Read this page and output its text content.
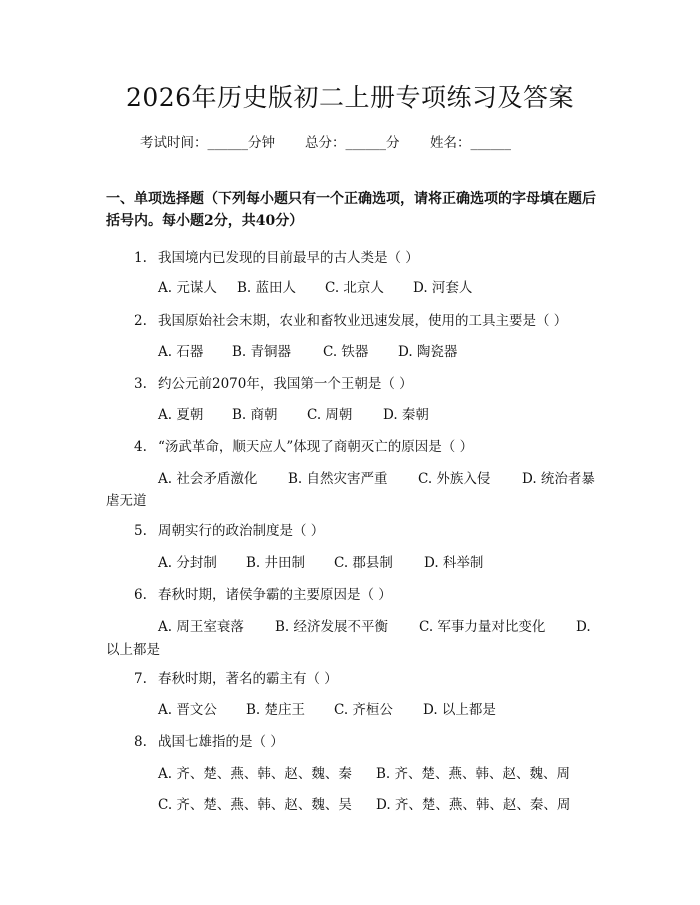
2026年历史版初二上册专项练习及答案
考试时间：______分钟	总分：______分	姓名：______
一、单项选择题（下列每小题只有一个正确选项，请将正确选项的字母填在题后括号内。每小题2分，共40分）
1. 我国境内已发现的目前最早的古人类是（ ）
A. 元谋人 B. 蓝田人 C. 北京人 D. 河套人
2. 我国原始社会末期，农业和畜牧业迅速发展，使用的工具主要是（ ）
A. 石器 B. 青铜器 C. 铁器 D. 陶瓷器
3. 约公元前2070年，我国第一个王朝是（ ）
A. 夏朝 B. 商朝 C. 周朝 D. 秦朝
4. “汤武革命，顺天应人”体现了商朝灭亡的原因是（ ）
A. 社会矛盾激化 B. 自然灾害严重 C. 外族入侵 D. 统治者暴
虐无道
5. 周朝实行的政治制度是（ ）
A. 分封制 B. 井田制 C. 郡县制 D. 科举制
6. 春秋时期，诸侯争霸的主要原因是（ ）
A. 周王室衰落 B. 经济发展不平衡 C. 军事力量对比变化 D.
以上都是
7. 春秋时期，著名的霸主有（ ）
A. 晋文公 B. 楚庄王 C. 齐桓公 D. 以上都是
8. 战国七雄指的是（ ）
A. 齐、楚、燕、韩、赵、魏、秦 B. 齐、楚、燕、韩、赵、魏、周
C. 齐、楚、燕、韩、赵、魏、吴 D. 齐、楚、燕、韩、赵、秦、周
